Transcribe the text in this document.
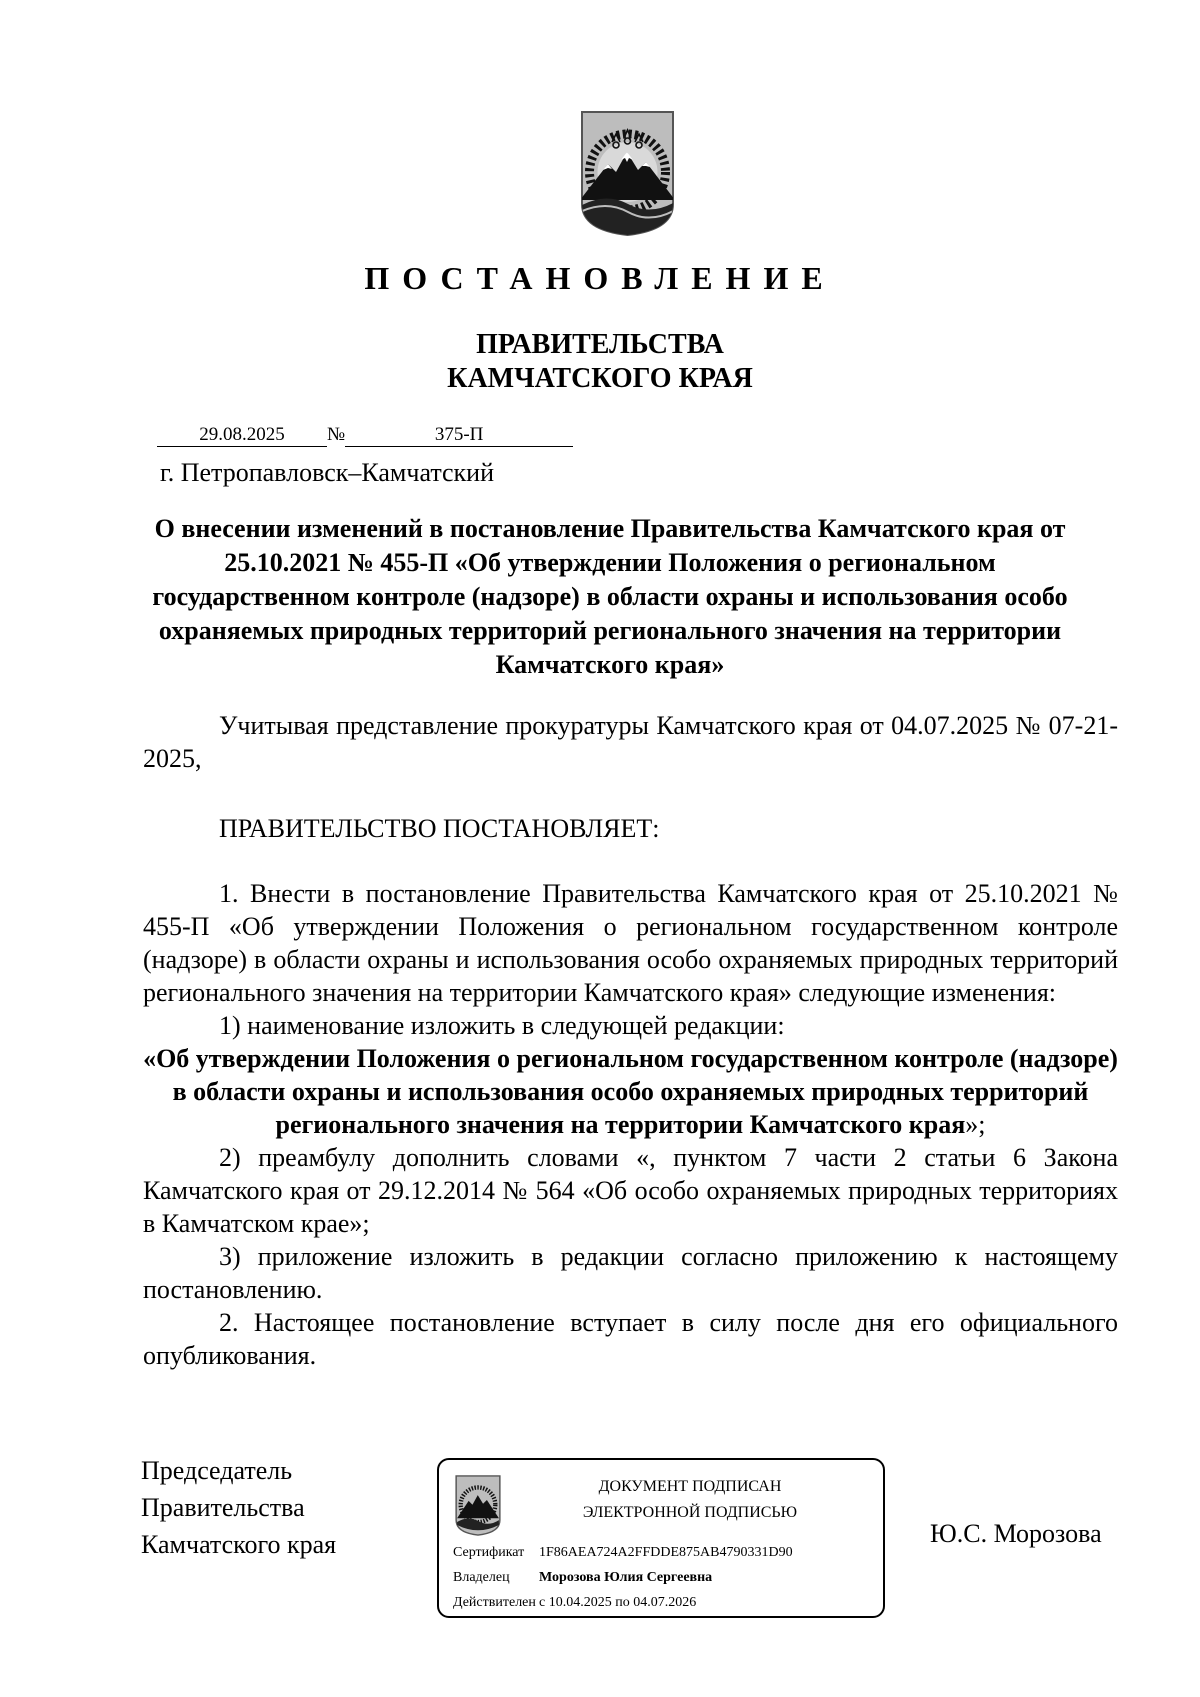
ПОСТАНОВЛЕНИЕ
ПРАВИТЕЛЬСТВА
КАМЧАТСКОГО КРАЯ
29.08.2025 №	375-П
г. Петропавловск–Камчатский
О внесении изменений в постановление Правительства Камчатского края от 25.10.2021 № 455-П «Об утверждении Положения о региональном государственном контроле (надзоре) в области охраны и использования особо охраняемых природных территорий регионального значения на территории Камчатского края»
Учитывая представление прокуратуры Камчатского края от 04.07.2025 № 07-21-2025,
ПРАВИТЕЛЬСТВО ПОСТАНОВЛЯЕТ:
1. Внести в постановление Правительства Камчатского края от 25.10.2021 № 455-П «Об утверждении Положения о региональном государственном контроле (надзоре) в области охраны и использования особо охраняемых природных территорий регионального значения на территории Камчатского края» следующие изменения:
1) наименование изложить в следующей редакции:
«Об утверждении Положения о региональном государственном контроле (надзоре) в области охраны и использования особо охраняемых природных территорий регионального значения на территории Камчатского края»;
2) преамбулу дополнить словами «, пунктом 7 части 2 статьи 6 Закона Камчатского края от 29.12.2014 № 564 «Об особо охраняемых природных территориях в Камчатском крае»;
3) приложение изложить в редакции согласно приложению к настоящему постановлению.
2. Настоящее постановление вступает в силу после дня его официального опубликования.
Председатель
Правительства
Камчатского края
ДОКУМЕНТ ПОДПИСАН
ЭЛЕКТРОННОЙ ПОДПИСЬЮ
Сертификат 1F86AEA724A2FFDDE875AB4790331D90
Владелец Морозова Юлия Сергеевна
Действителен с 10.04.2025 по 04.07.2026
Ю.С. Морозова
